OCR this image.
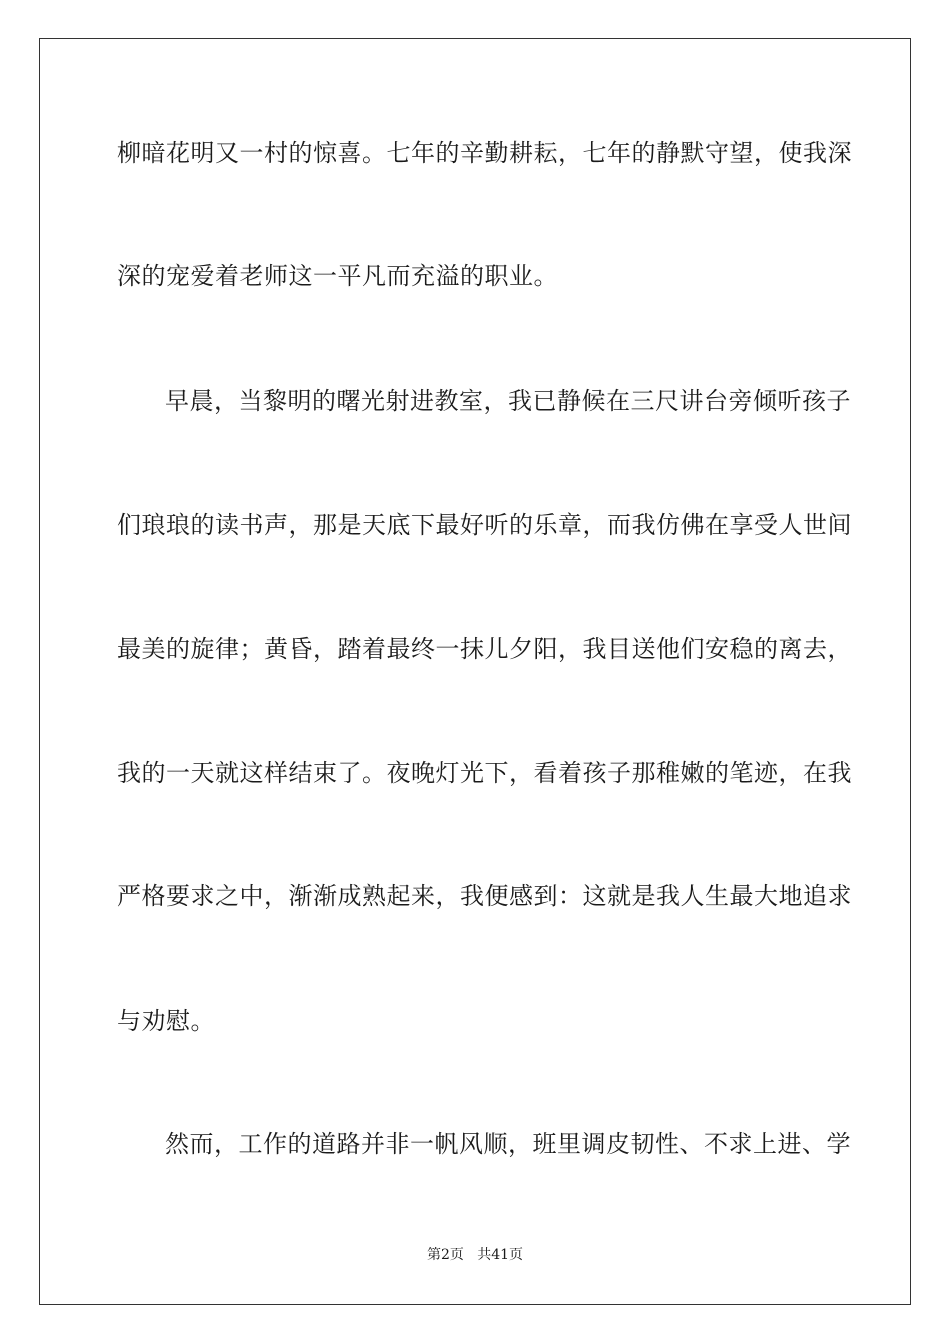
柳暗花明又一村的惊喜。七年的辛勤耕耘，七年的静默守望，使我深
深的宠爱着老师这一平凡而充溢的职业。
早晨，当黎明的曙光射进教室，我已静候在三尺讲台旁倾听孩子
们琅琅的读书声，那是天底下最好听的乐章，而我仿佛在享受人世间
最美的旋律；黄昏，踏着最终一抹儿夕阳，我目送他们安稳的离去，
我的一天就这样结束了。夜晚灯光下，看着孩子那稚嫩的笔迹，在我
严格要求之中，渐渐成熟起来，我便感到：这就是我人生最大地追求
与劝慰。
然而，工作的道路并非一帆风顺，班里调皮韧性、不求上进、学
第2页   共41页
